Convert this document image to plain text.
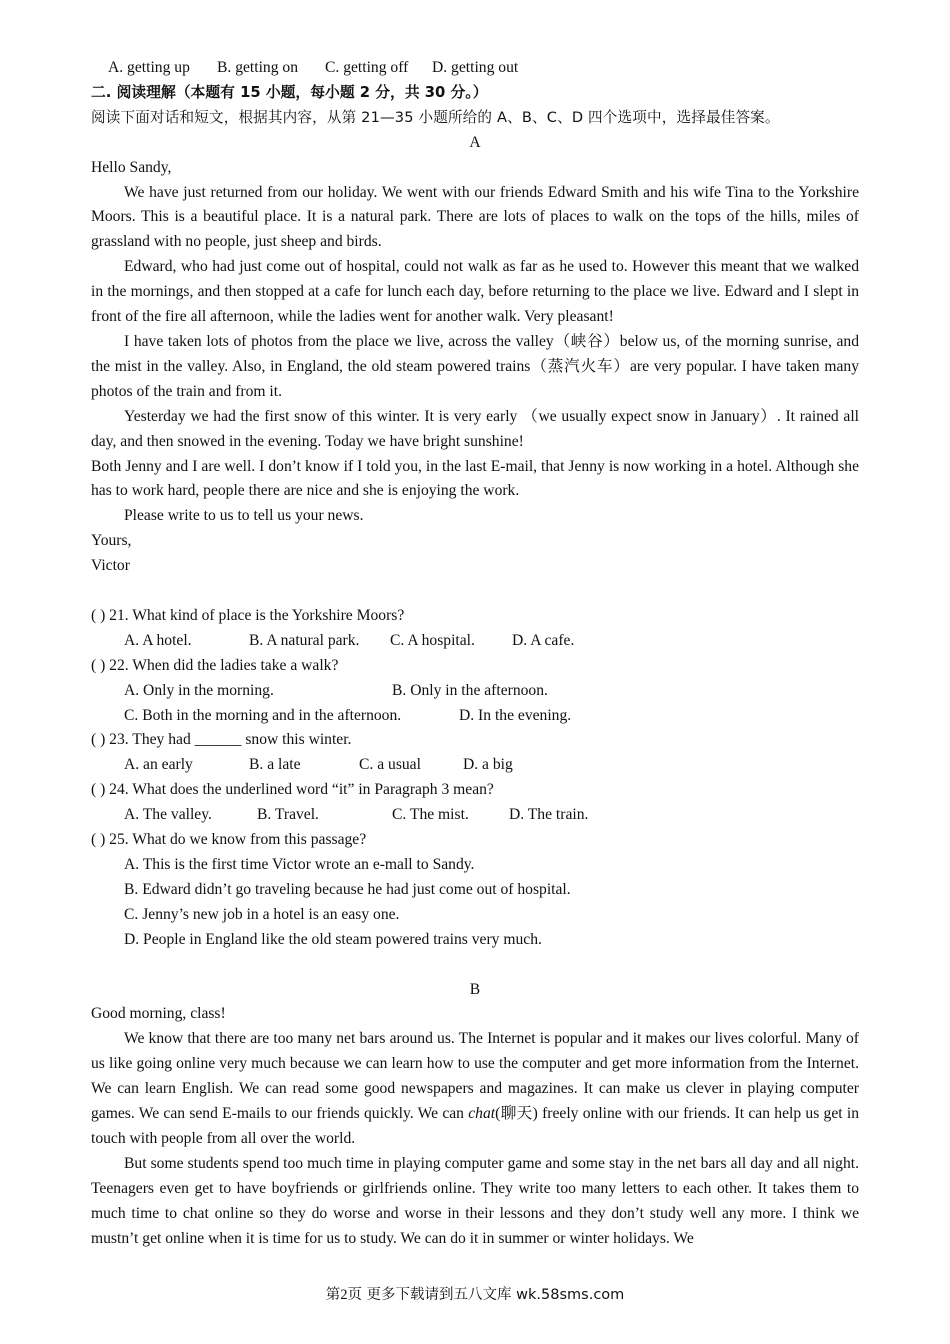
A. getting up B. getting on C. getting off D. getting out
二. 阅读理解（本题有 15 小题，每小题 2 分，共 30 分。）
阅读下面对话和短文，根据其内容，从第 21—35 小题所给的 A、B、C、D 四个选项中，选择最佳答案。
A
Hello Sandy,

We have just returned from our holiday. We went with our friends Edward Smith and his wife Tina to the Yorkshire Moors. This is a beautiful place. It is a natural park. There are lots of places to walk on the tops of the hills, miles of grassland with no people, just sheep and birds.

Edward, who had just come out of hospital, could not walk as far as he used to. However this meant that we walked in the mornings, and then stopped at a cafe for lunch each day, before returning to the place we live. Edward and I slept in front of the fire all afternoon, while the ladies went for another walk. Very pleasant!

I have taken lots of photos from the place we live, across the valley（峡谷）below us, of the morning sunrise, and the mist in the valley. Also, in England, the old steam powered trains（蒸汽火车）are very popular. I have taken many photos of the train and from it.

Yesterday we had the first snow of this winter. It is very early （we usually expect snow in January）. It rained all day, and then snowed in the evening. Today we have bright sunshine!

Both Jenny and I are well. I don’t know if I told you, in the last E-mail, that Jenny is now working in a hotel. Although she has to work hard, people there are nice and she is enjoying the work.

Please write to us to tell us your news.

Yours,
Victor
( ) 21. What kind of place is the Yorkshire Moors?
A. A hotel.	B. A natural park. C. A hospital. D. A cafe.
( ) 22. When did the ladies take a walk?
A. Only in the morning.	B. Only in the afternoon.
C. Both in the morning and in the afternoon.	D. In the evening.
( ) 23. They had ______ snow this winter.
A. an early	B. a late	C. a usual	D. a big
( ) 24. What does the underlined word “it” in Paragraph 3 mean?
A. The valley.	B. Travel.	C. The mist.	D. The train.
( ) 25. What do we know from this passage?
A. This is the first time Victor wrote an e-mall to Sandy.
B. Edward didn’t go traveling because he had just come out of hospital.
C. Jenny’s new job in a hotel is an easy one.
D. People in England like the old steam powered trains very much.
B
Good morning, class!

We know that there are too many net bars around us. The Internet is popular and it makes our lives colorful. Many of us like going online very much because we can learn how to use the computer and get more information from the Internet. We can learn English. We can read some good newspapers and magazines. It can make us clever in playing computer games. We can send E-mails to our friends quickly. We can chat(聊天) freely online with our friends. It can help us get in touch with people from all over the world.

But some students spend too much time in playing computer game and some stay in the net bars all day and all night. Teenagers even get to have boyfriends or girlfriends online. They write too many letters to each other. It takes them to much time to chat online so they do worse and worse in their lessons and they don’t study well any more. I think we mustn’t get online when it is time for us to study. We can do it in summer or winter holidays. We

第2页 更多下载请到五八文库 wk.58sms.com
